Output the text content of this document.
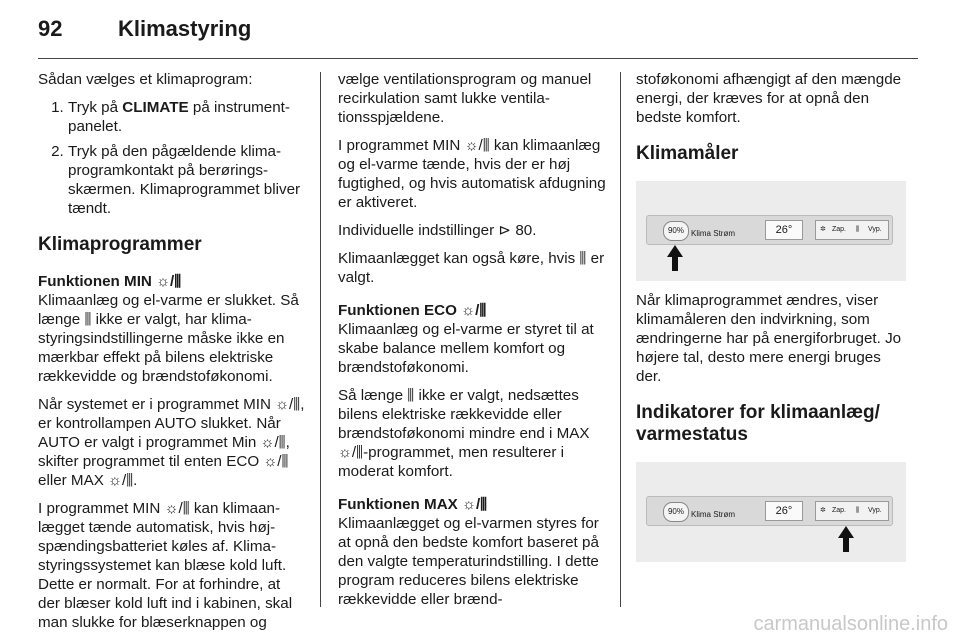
92	Klimastyring

Sådan vælges et klimaprogram:

1. Tryk på CLIMATE på instrumentpanelet.
2. Tryk på den pågældende klimaprogramkontakt på berøringsskærmen. Klimaprogrammet bliver tændt.
Klimaprogrammer
Funktionen MIN ☼/⫼

Klimaanlæg og el-varme er slukket. Så længe ⫼ ikke er valgt, har klimastyringsindstillingerne måske ikke en mærkbar effekt på bilens elektriske rækkevidde og brændstoføkonomi.

Når systemet er i programmet MIN ☼/⫼, er kontrollampen AUTO slukket. Når AUTO er valgt i programmet Min ☼/⫼, skifter programmet til enten ECO ☼/⫼ eller MAX ☼/⫼.

I programmet MIN ☼/⫼ kan klimaanlægget tænde automatisk, hvis højspændingsbatteriet køles af. Klimastyringssystemet kan blæse kold luft. Dette er normalt. For at forhindre, at der blæser kold luft ind i kabinen, skal man slukke for blæserknappen og

vælge ventilationsprogram og manuel recirkulation samt lukke ventilationsspjældene.

I programmet MIN ☼/⫼ kan klimaanlæg og el-varme tænde, hvis der er høj fugtighed, og hvis automatisk afdugning er aktiveret.

Individuelle indstillinger ⊳ 80.

Klimaanlægget kan også køre, hvis ⫼ er valgt.

Funktionen ECO ☼/⫼

Klimaanlæg og el-varme er styret til at skabe balance mellem komfort og brændstoføkonomi.

Så længe ⫼ ikke er valgt, nedsættes bilens elektriske rækkevidde eller brændstoføkonomi mindre end i MAX ☼/⫼-programmet, men resulterer i moderat komfort.

Funktionen MAX ☼/⫼

Klimaanlægget og el-varmen styres for at opnå den bedste komfort baseret på den valgte temperaturindstilling. I dette program reduceres bilens elektriske rækkevidde eller brænd-

stoføkonomi afhængigt af den mængde energi, der kræves for at opnå den bedste komfort.

Klimamåler
90% Klima Strøm	26°	✲ Zap. ⫼ Vyp.

Når klimaprogrammet ændres, viser klimamåleren den indvirkning, som ændringerne har på energiforbruget. Jo højere tal, desto mere energi bruges der.

Indikatorer for klimaanlæg/ varmestatus
90% Klima Strøm	26°	✲ Zap. ⫼ Vyp.
carmanualsonline.info
